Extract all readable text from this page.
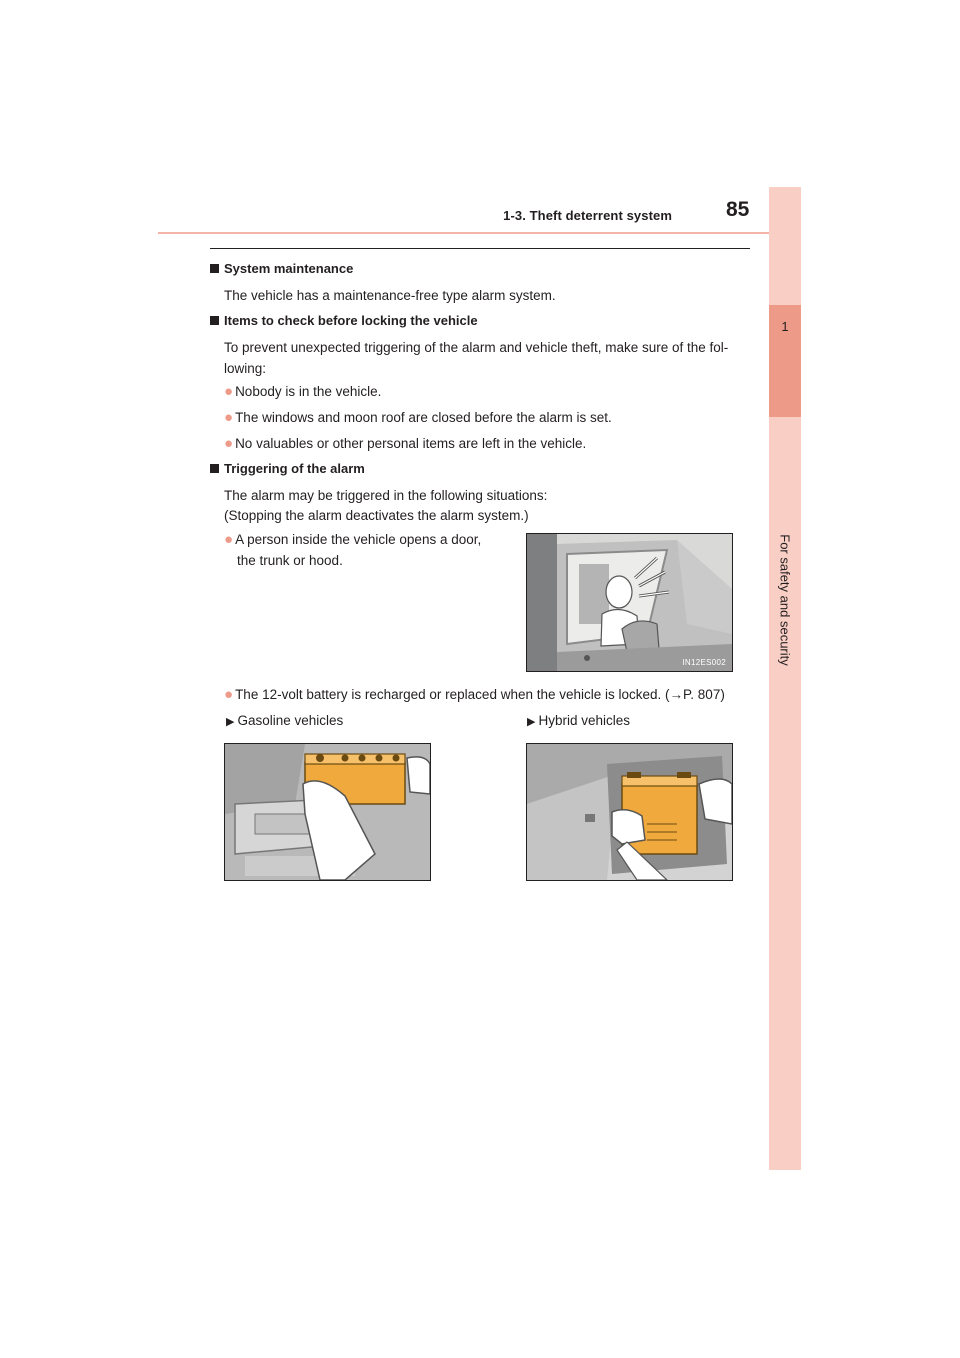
1-3. Theft deterrent system	85
1
For safety and security
System maintenance
The vehicle has a maintenance-free type alarm system.
Items to check before locking the vehicle
To prevent unexpected triggering of the alarm and vehicle theft, make sure of the fol-
lowing:
● Nobody is in the vehicle.
● The windows and moon roof are closed before the alarm is set.
● No valuables or other personal items are left in the vehicle.
Triggering of the alarm
The alarm may be triggered in the following situations:
(Stopping the alarm deactivates the alarm system.)
● A person inside the vehicle opens a door,
the trunk or hood.
IN12ES002
● The 12-volt battery is recharged or replaced when the vehicle is locked. (→P. 807)
▶ Gasoline vehicles	▶ Hybrid vehicles
